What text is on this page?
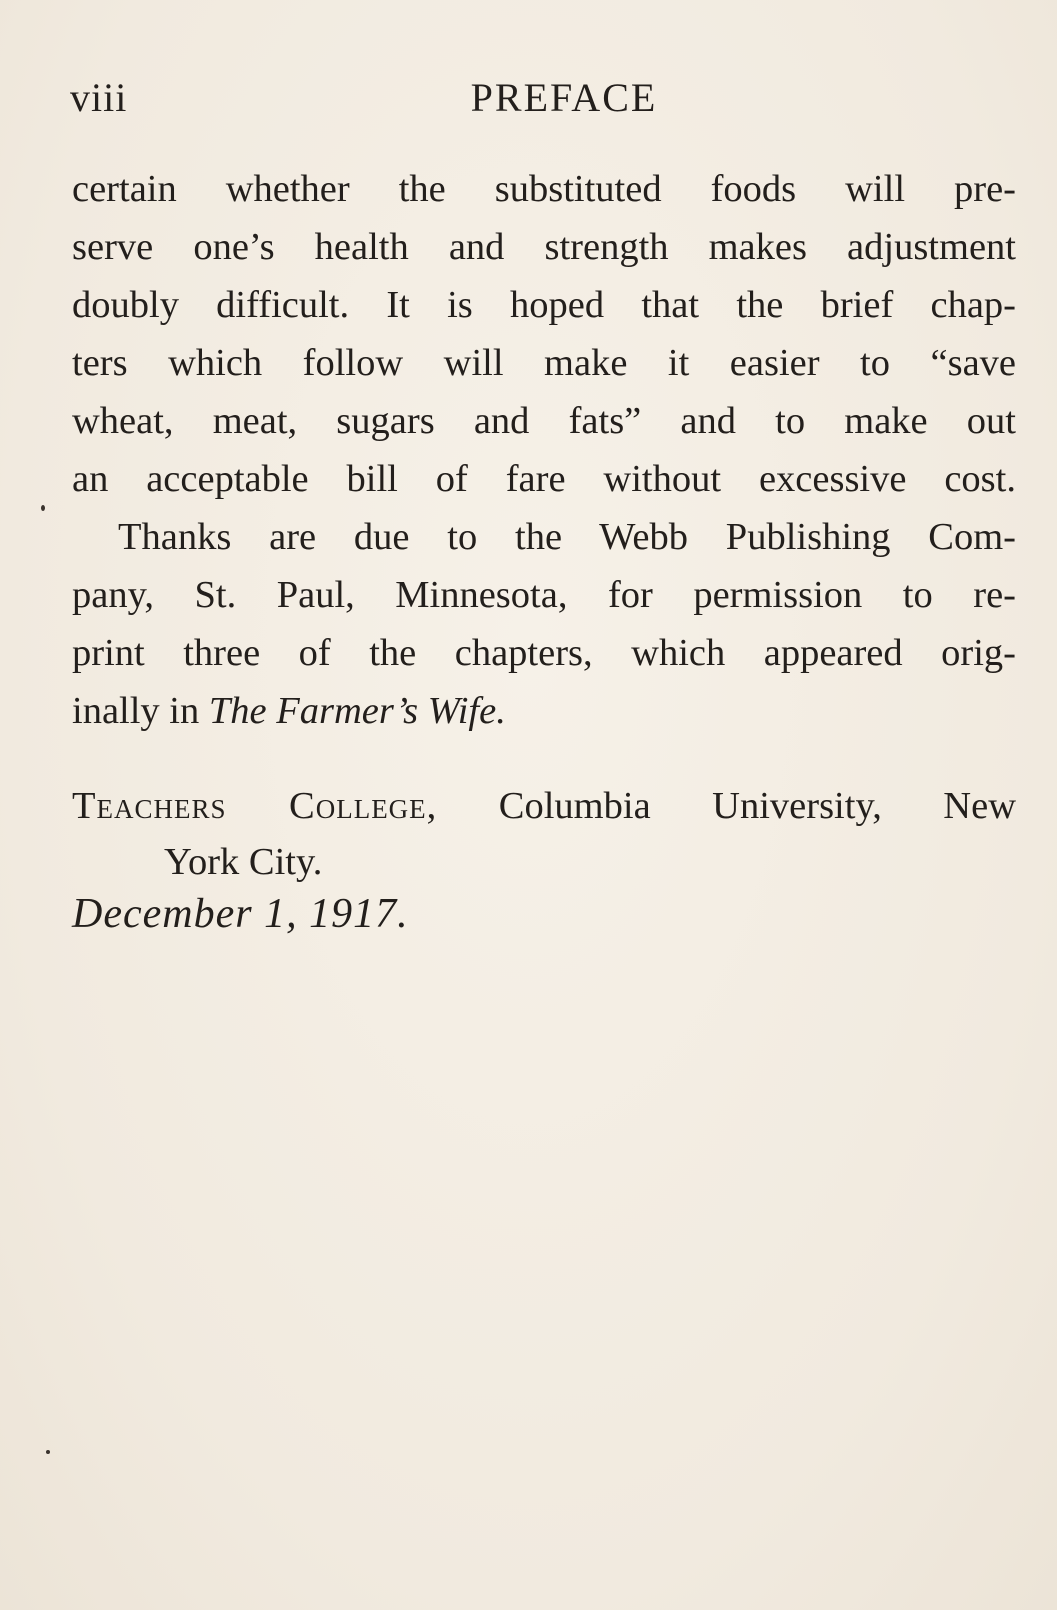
viii	PREFACE
certain whether the substituted foods will pre-
serve one’s health and strength makes adjustment
doubly difficult. It is hoped that the brief chap-
ters which follow will make it easier to “save
wheat, meat, sugars and fats” and to make out
an acceptable bill of fare without excessive cost.
Thanks are due to the Webb Publishing Com-
pany, St. Paul, Minnesota, for permission to re-
print three of the chapters, which appeared orig-
inally in The Farmer’s Wife.
Teachers College, Columbia University, New
York City.
December 1, 1917.
